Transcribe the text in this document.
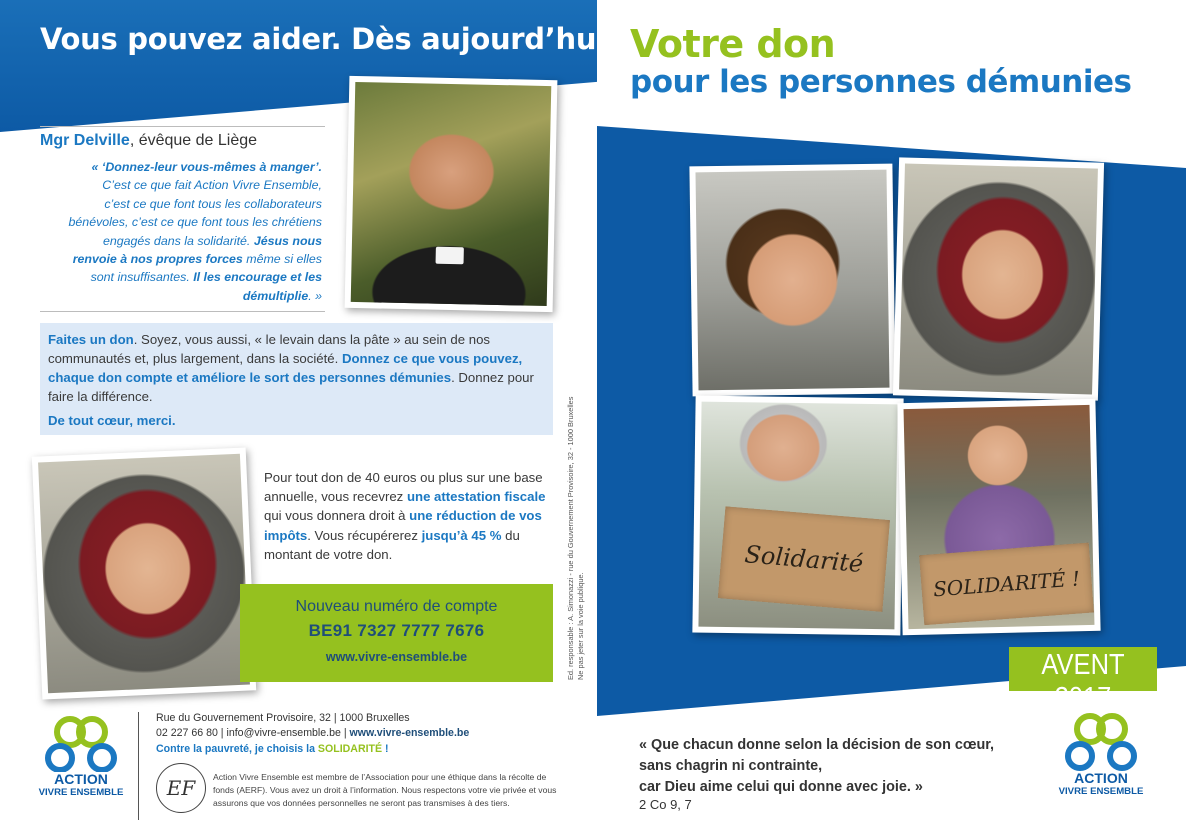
Vous pouvez aider. Dès aujourd’hui.
Mgr Delville, évêque de Liège
« ‘Donnez-leur vous-mêmes à manger’.
C’est ce que fait Action Vivre Ensemble,
c’est ce que font tous les collaborateurs
bénévoles, c’est ce que font tous les chrétiens
engagés dans la solidarité. Jésus nous
renvoie à nos propres forces même si elles
sont insuffisantes. Il les encourage et les
démultiplie. »
Faites un don. Soyez, vous aussi, « le levain dans la pâte » au sein de nos communautés et, plus largement, dans la société. Donnez ce que vous pouvez, chaque don compte et améliore le sort des personnes démunies. Donnez pour faire la différence.
De tout cœur, merci.
Pour tout don de 40 euros ou plus sur une base annuelle, vous recevrez une attestation fiscale qui vous donnera droit à une réduction de vos impôts. Vous récupérerez jusqu’à 45 % du montant de votre don.
Nouveau numéro de compte
BE91 7327 7777 7676
www.vivre-ensemble.be
ACTION
VIVRE ENSEMBLE
Rue du Gouvernement Provisoire, 32 | 1000 Bruxelles
02 227 66 80 | info@vivre-ensemble.be | www.vivre-ensemble.be
Contre la pauvreté, je choisis la SOLIDARITÉ !
EF	Action Vivre Ensemble est membre de l’Association pour une éthique dans la récolte de fonds (AERF). Vous avez un droit à l’information. Nous respectons votre vie privée et vous assurons que vos données personnelles ne seront pas transmises à des tiers.
Ed. responsable : A. Simonazzi - rue du Gouvernement Provisoire, 32 - 1000 Bruxelles Ne pas jeter sur la voie publique.
Votre don
pour les personnes démunies
Solidarité
SOLIDARITÉ !
AVENT 2017
« Que chacun donne selon la décision de son cœur,
sans chagrin ni contrainte,
car Dieu aime celui qui donne avec joie. »
2 Co 9, 7
ACTION
VIVRE ENSEMBLE
